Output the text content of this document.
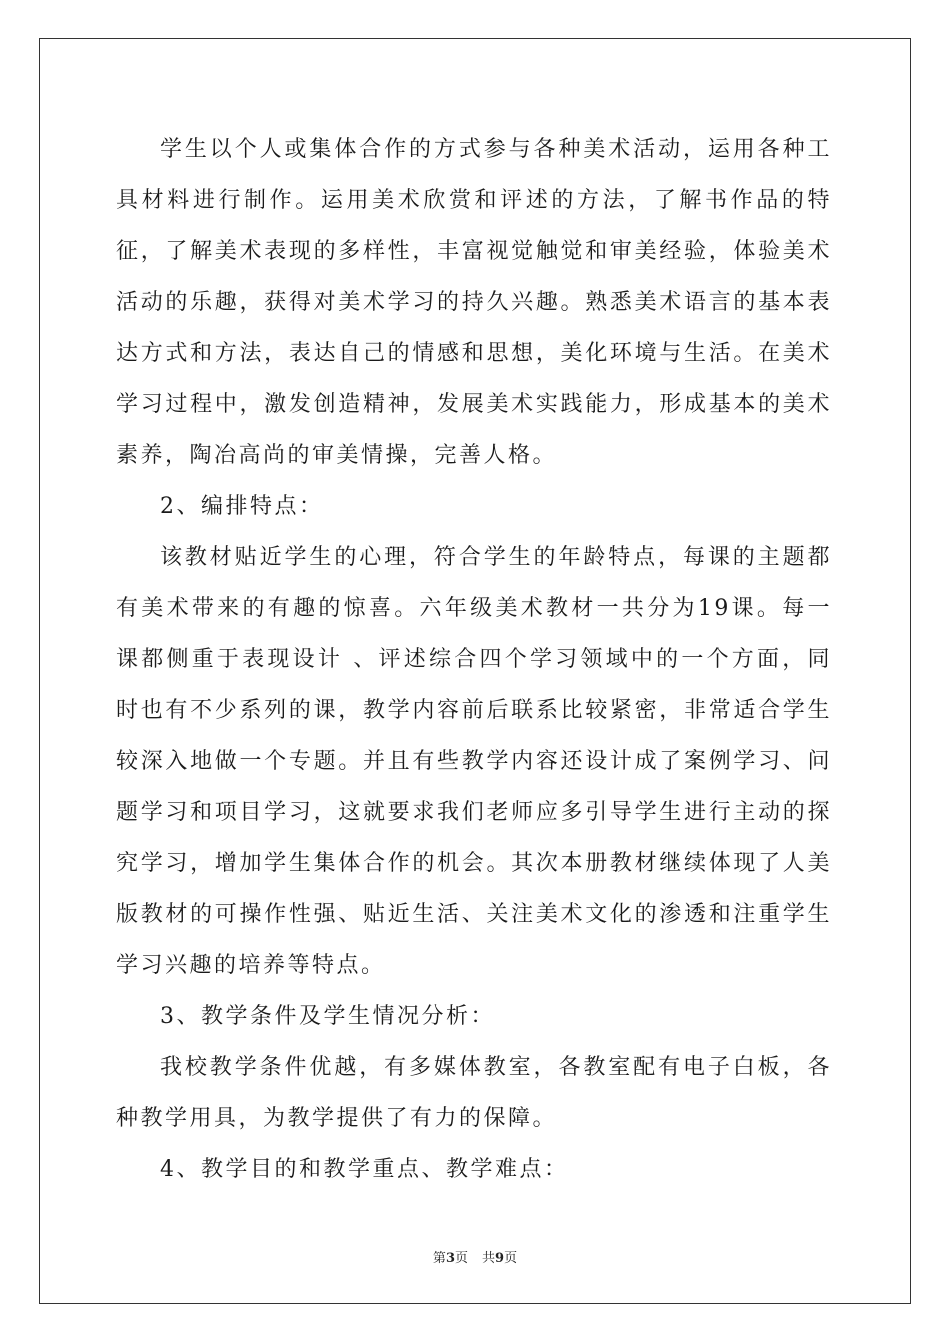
学生以个人或集体合作的方式参与各种美术活动，运用各种工具材料进行制作。运用美术欣赏和评述的方法，了解书作品的特征，了解美术表现的多样性，丰富视觉触觉和审美经验，体验美术活动的乐趣，获得对美术学习的持久兴趣。熟悉美术语言的基本表达方式和方法，表达自己的情感和思想，美化环境与生活。在美术学习过程中，激发创造精神，发展美术实践能力，形成基本的美术素养，陶冶高尚的审美情操，完善人格。

2、编排特点：

该教材贴近学生的心理，符合学生的年龄特点，每课的主题都有美术带来的有趣的惊喜。六年级美术教材一共分为19课。每一课都侧重于表现设计 、评述综合四个学习领域中的一个方面，同时也有不少系列的课，教学内容前后联系比较紧密，非常适合学生较深入地做一个专题。并且有些教学内容还设计成了案例学习、问题学习和项目学习，这就要求我们老师应多引导学生进行主动的探究学习，增加学生集体合作的机会。其次本册教材继续体现了人美版教材的可操作性强、贴近生活、关注美术文化的渗透和注重学生学习兴趣的培养等特点。

3、教学条件及学生情况分析：

我校教学条件优越，有多媒体教室，各教室配有电子白板，各种教学用具，为教学提供了有力的保障。

4、教学目的和教学重点、教学难点：

第3页 共9页
